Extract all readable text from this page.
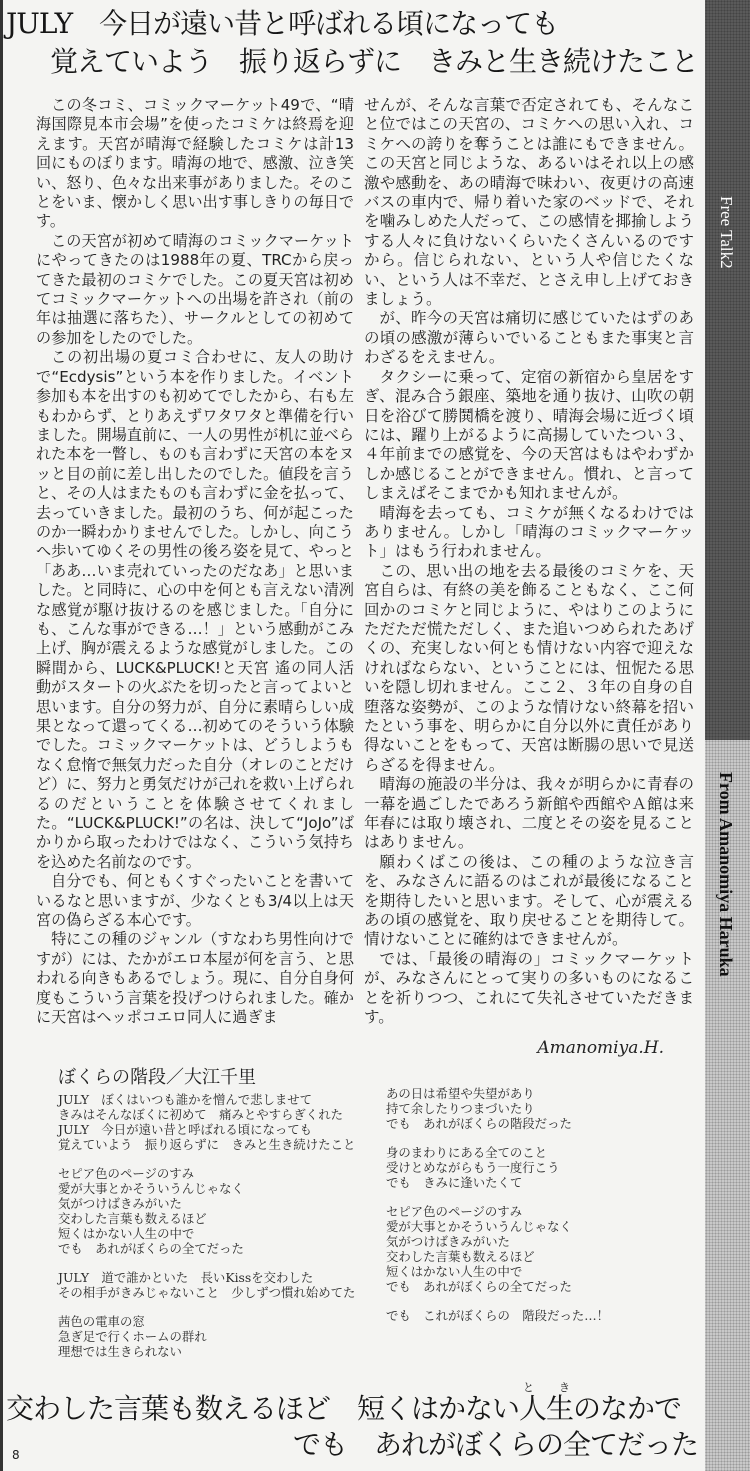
Free Talk2
From Amanomiya Haruka
JULY　今日が遠い昔と呼ばれる頃になっても
覚えていよう　振り返らずに　きみと生き続けたこと

この冬コミ、コミックマーケット49で、“晴海国際見本市会場”を使ったコミケは終焉を迎えます。天宮が晴海で経験したコミケは計13回にものぼります。晴海の地で、感激、泣き笑い、怒り、色々な出来事がありました。そのことをいま、懐かしく思い出す事しきりの毎日です。

この天宮が初めて晴海のコミックマーケットにやってきたのは1988年の夏、TRCから戻ってきた最初のコミケでした。この夏天宮は初めてコミックマーケットへの出場を許され（前の年は抽選に落ちた）、サークルとしての初めての参加をしたのでした。

この初出場の夏コミ合わせに、友人の助けで“Ecdysis”という本を作りました。イベント参加も本を出すのも初めてでしたから、右も左もわからず、とりあえずワタワタと準備を行いました。開場直前に、一人の男性が机に並べられた本を一瞥し、ものも言わずに天宮の本をヌッと目の前に差し出したのでした。値段を言うと、その人はまたものも言わずに金を払って、去っていきました。最初のうち、何が起こったのか一瞬わかりませんでした。しかし、向こうへ歩いてゆくその男性の後ろ姿を見て、やっと「ああ…いま売れていったのだなあ」と思いました。と同時に、心の中を何とも言えない清冽な感覚が駆け抜けるのを感じました。「自分にも、こんな事ができる…！」という感動がこみ上げ、胸が震えるような感覚がしました。この瞬間から、LUCK&PLUCK!と天宮 遙の同人活動がスタートの火ぶたを切ったと言ってよいと思います。自分の努力が、自分に素晴らしい成果となって還ってくる…初めてのそういう体験でした。コミックマーケットは、どうしようもなく怠惰で無気力だった自分（オレのことだけど）に、努力と勇気だけが己れを救い上げられるのだということを体験させてくれました。“LUCK&PLUCK!”の名は、決して“JoJo”ばかりから取ったわけではなく、こういう気持ちを込めた名前なのです。

自分でも、何ともくすぐったいことを書いているなと思いますが、少なくとも3/4以上は天宮の偽らざる本心です。

特にこの種のジャンル（すなわち男性向けですが）には、たかがエロ本屋が何を言う、と思われる向きもあるでしょう。現に、自分自身何度もこういう言葉を投げつけられました。確かに天宮はヘッポコエロ同人に過ぎま

せんが、そんな言葉で否定されても、そんなこと位ではこの天宮の、コミケへの思い入れ、コミケへの誇りを奪うことは誰にもできません。この天宮と同じような、あるいはそれ以上の感激や感動を、あの晴海で味わい、夜更けの高速バスの車内で、帰り着いた家のベッドで、それを噛みしめた人だって、この感情を揶揄しようする人々に負けないくらいたくさんいるのですから。信じられない、という人や信じたくない、という人は不幸だ、とさえ申し上げておきましょう。

が、昨今の天宮は痛切に感じていたはずのあの頃の感激が薄らいでいることもまた事実と言わざるをえません。

タクシーに乗って、定宿の新宿から皇居をすぎ、混み合う銀座、築地を通り抜け、山吹の朝日を浴びて勝鬨橋を渡り、晴海会場に近づく頃には、躍り上がるように高揚していたつい３、４年前までの感覚を、今の天宮はもはやわずかしか感じることができません。慣れ、と言ってしまえばそこまでかも知れませんが。

晴海を去っても、コミケが無くなるわけではありません。しかし「晴海のコミックマーケット」はもう行われません。

この、思い出の地を去る最後のコミケを、天宮自らは、有終の美を飾ることもなく、ここ何回かのコミケと同じように、やはりこのようにただただ慌ただしく、また追いつめられたあげくの、充実しない何とも情けない内容で迎えなければならない、ということには、忸怩たる思いを隠し切れません。ここ２、３年の自身の自堕落な姿勢が、このような情けない終幕を招いたという事を、明らかに自分以外に責任があり得ないことをもって、天宮は断腸の思いで見送らざるを得ません。

晴海の施設の半分は、我々が明らかに青春の一幕を過ごしたであろう新館や西館やＡ館は来年春には取り壊され、二度とその姿を見ることはありません。

願わくばこの後は、この種のような泣き言を、みなさんに語るのはこれが最後になることを期待したいと思います。そして、心が震えるあの頃の感覚を、取り戻せることを期待して。情けないことに確約はできませんが。

では、「最後の晴海の」コミックマーケットが、みなさんにとって実りの多いものになることを祈りつつ、これにて失礼させていただきます。

Amanomiya.H.
ぼくらの階段／大江千里
JULY　ぼくはいつも誰かを憎んで悲しませて
きみはそんなぼくに初めて　痛みとやすらぎくれた
JULY　今日が遠い昔と呼ばれる頃になっても
覚えていよう　振り返らずに　きみと生き続けたこと
セピア色のページのすみ
愛が大事とかそういうんじゃなく
気がつけばきみがいた
交わした言葉も数えるほど
短くはかない人生の中で
でも　あれがぼくらの全てだった
JULY　道で誰かといた　長いKissを交わした
その相手がきみじゃないこと　少しずつ慣れ始めてた
茜色の電車の窓
急ぎ足で行くホームの群れ
理想では生きられない
あの日は希望や失望があり
持て余したりつまづいたり
でも　あれがぼくらの階段だった
身のまわりにある全てのこと
受けとめながらもう一度行こう
でも　きみに逢いたくて
セピア色のページのすみ
愛が大事とかそういうんじゃなく
気がつけばきみがいた
交わした言葉も数えるほど
短くはかない人生の中で
でも　あれがぼくらの全てだった
でも　これがぼくらの　階段だった…！
交わした言葉も数えるほど　短くはかない人生と　きのなかで
8	でも　あれがぼくらの全てだった
